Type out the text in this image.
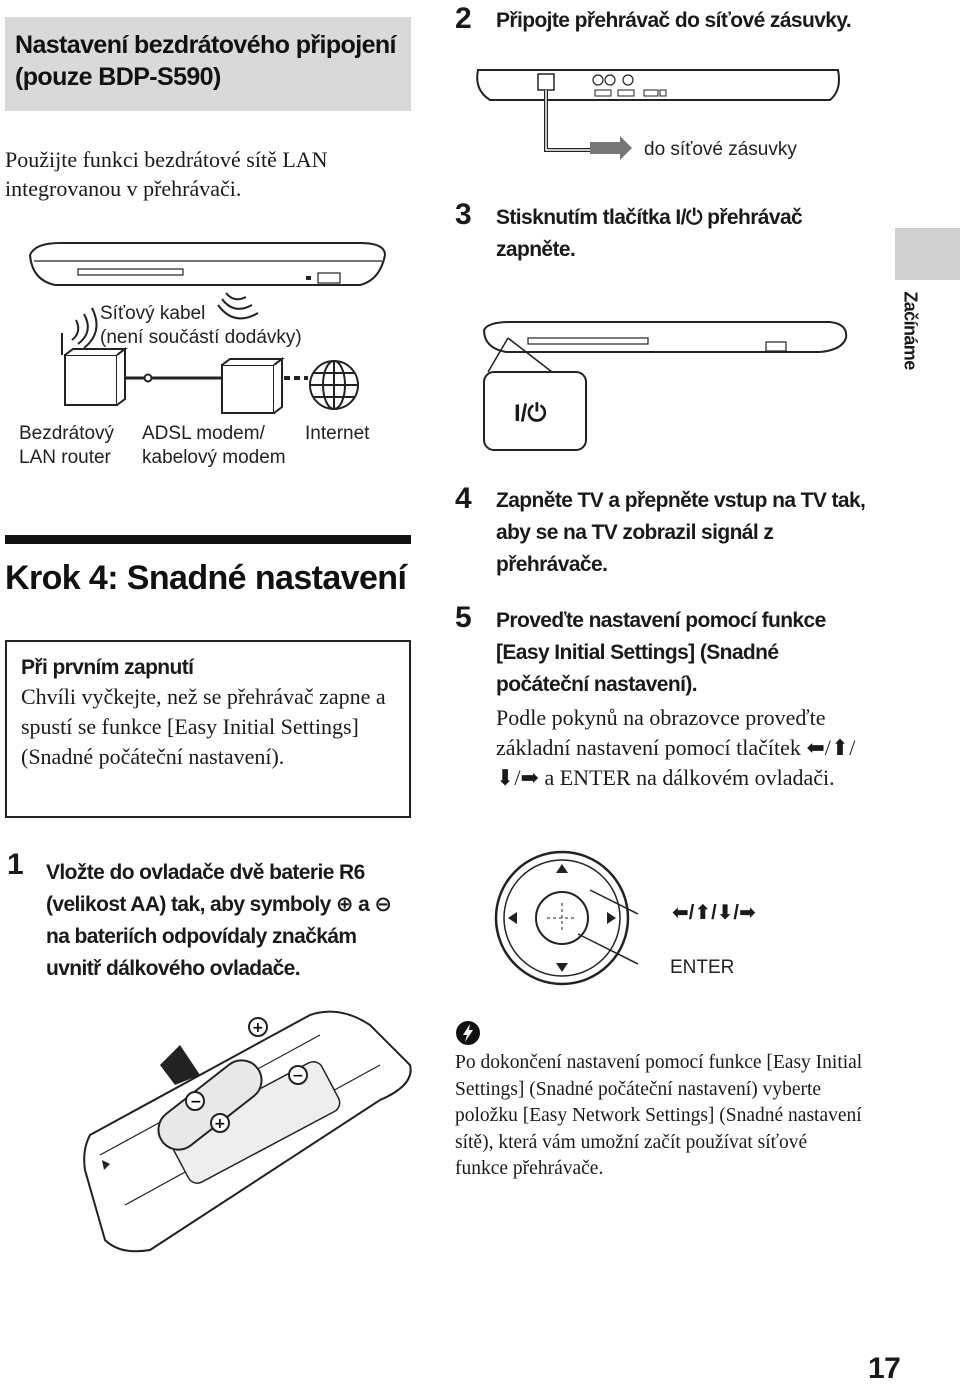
Nastavení bezdrátového připojení (pouze BDP-S590)
Použijte funkci bezdrátové sítě LAN integrovanou v přehrávači.
Síťový kabel
(není součástí dodávky)
Bezdrátový
LAN router
ADSL modem/
kabelový modem
Internet
Krok 4: Snadné nastavení
Při prvním zapnutí
Chvíli vyčkejte, než se přehrávač zapne a spustí se funkce [Easy Initial Settings] (Snadné počáteční nastavení).
1 Vložte do ovladače dvě baterie R6 (velikost AA) tak, aby symboly ⊕ a ⊖ na bateriích odpovídaly značkám uvnitř dálkového ovladače.
+
−
−
+
2 Připojte přehrávač do síťové zásuvky.
do síťové zásuvky
3 Stisknutím tlačítka I/⏻ přehrávač zapněte.
I/⏻
Začínáme
4 Zapněte TV a přepněte vstup na TV tak, aby se na TV zobrazil signál z přehrávače.
5 Proveďte nastavení pomocí funkce [Easy Initial Settings] (Snadné počáteční nastavení).
Podle pokynů na obrazovce proveďte základní nastavení pomocí tlačítek ⬅/⬆/⬇/➡ a ENTER na dálkovém ovladači.
⬅/⬆/⬇/➡
ENTER
Po dokončení nastavení pomocí funkce [Easy Initial Settings] (Snadné počáteční nastavení) vyberte položku [Easy Network Settings] (Snadné nastavení sítě), která vám umožní začít používat síťové funkce přehrávače.
17
